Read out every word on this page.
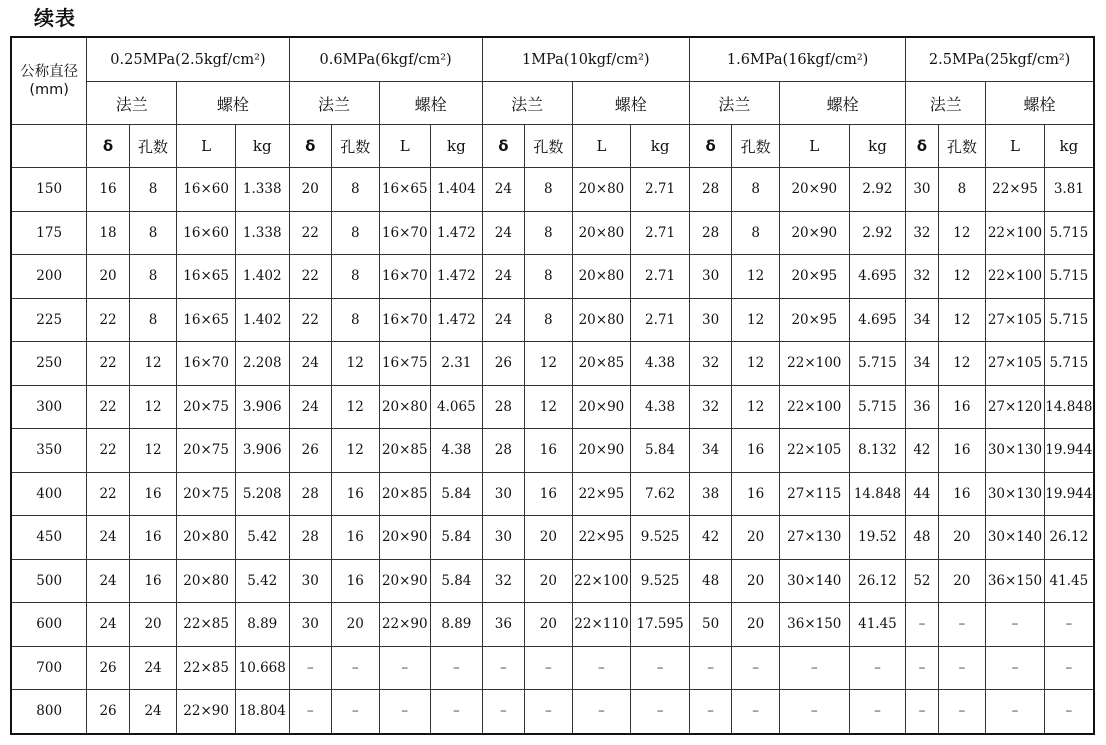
续表
公称直径
(mm)	0.25MPa(2.5kgf/cm²)				0.6MPa(6kgf/cm²)				1MPa(10kgf/cm²)				1.6MPa(16kgf/cm²)				2.5MPa(25kgf/cm²)			
	法兰		螺栓		法兰		螺栓		法兰		螺栓		法兰		螺栓		法兰		螺栓	
	δ	孔数	L	kg	δ	孔数	L	kg	δ	孔数	L	kg	δ	孔数	L	kg	δ	孔数	L	kg
150	16	8	16×60	1.338	20	8	16×65	1.404	24	8	20×80	2.71	28	8	20×90	2.92	30	8	22×95	3.81
175	18	8	16×60	1.338	22	8	16×70	1.472	24	8	20×80	2.71	28	8	20×90	2.92	32	12	22×100	5.715
200	20	8	16×65	1.402	22	8	16×70	1.472	24	8	20×80	2.71	30	12	20×95	4.695	32	12	22×100	5.715
225	22	8	16×65	1.402	22	8	16×70	1.472	24	8	20×80	2.71	30	12	20×95	4.695	34	12	27×105	5.715
250	22	12	16×70	2.208	24	12	16×75	2.31	26	12	20×85	4.38	32	12	22×100	5.715	34	12	27×105	5.715
300	22	12	20×75	3.906	24	12	20×80	4.065	28	12	20×90	4.38	32	12	22×100	5.715	36	16	27×120	14.848
350	22	12	20×75	3.906	26	12	20×85	4.38	28	16	20×90	5.84	34	16	22×105	8.132	42	16	30×130	19.944
400	22	16	20×75	5.208	28	16	20×85	5.84	30	16	22×95	7.62	38	16	27×115	14.848	44	16	30×130	19.944
450	24	16	20×80	5.42	28	16	20×90	5.84	30	20	22×95	9.525	42	20	27×130	19.52	48	20	30×140	26.12
500	24	16	20×80	5.42	30	16	20×90	5.84	32	20	22×100	9.525	48	20	30×140	26.12	52	20	36×150	41.45
600	24	20	22×85	8.89	30	20	22×90	8.89	36	20	22×110	17.595	50	20	36×150	41.45	–	–	–	–
700	26	24	22×85	10.668	–	–	–	–	–	–	–	–	–	–	–	–	–	–	–	–
800	26	24	22×90	18.804	–	–	–	–	–	–	–	–	–	–	–	–	–	–	–	–
